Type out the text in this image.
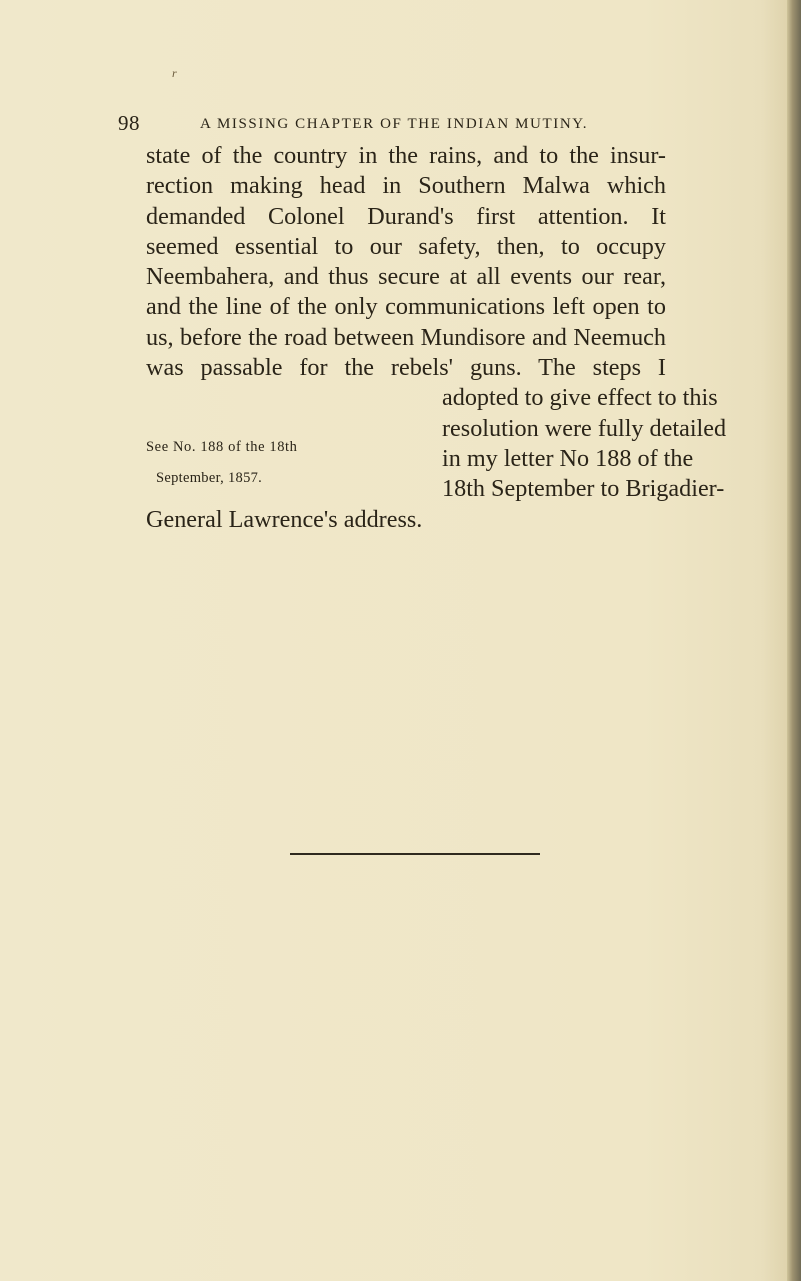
r
98	A MISSING CHAPTER OF THE INDIAN MUTINY.
state of the country in the rains, and to the insur-
rection making head in Southern Malwa which
demanded Colonel Durand's first attention. It
seemed essential to our safety, then, to occupy
Neembahera, and thus secure at all events our rear,
and the line of the only communications left open to
us, before the road between Mundisore and Neemuch
was passable for the rebels' guns. The steps I
adopted to give effect to this
resolution were fully detailed
in my letter No 188 of the
18th September to Brigadier-
General Lawrence's address.
See No. 188 of the 18th
September, 1857.
